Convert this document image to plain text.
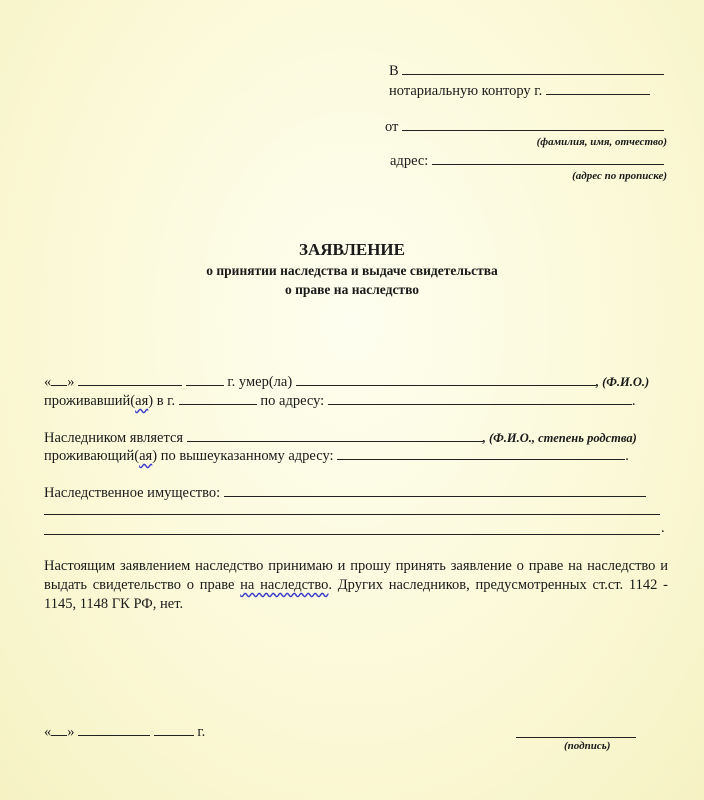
В
нотариальную контору г.
от
(фамилия, имя, отчество)
адрес:
(адрес по прописке)
ЗАЯВЛЕНИЕ
о принятии наследства и выдаче свидетельства
о праве на наследство
« »	г. умер(ла)	, (Ф.И.О.)
проживавший(ая) в г.	по адресу:	.
Наследником является	, (Ф.И.О., степень родства)
проживающий(ая) по вышеуказанному адресу:	.
Наследственное имущество:
.
Настоящим заявлением наследство принимаю и прошу принять заявление о праве на наследство и выдать свидетельство о праве на наследство. Других наследников, предусмотренных ст.ст. 1142 - 1145, 1148 ГК РФ, нет.
« »	г.
(подпись)
